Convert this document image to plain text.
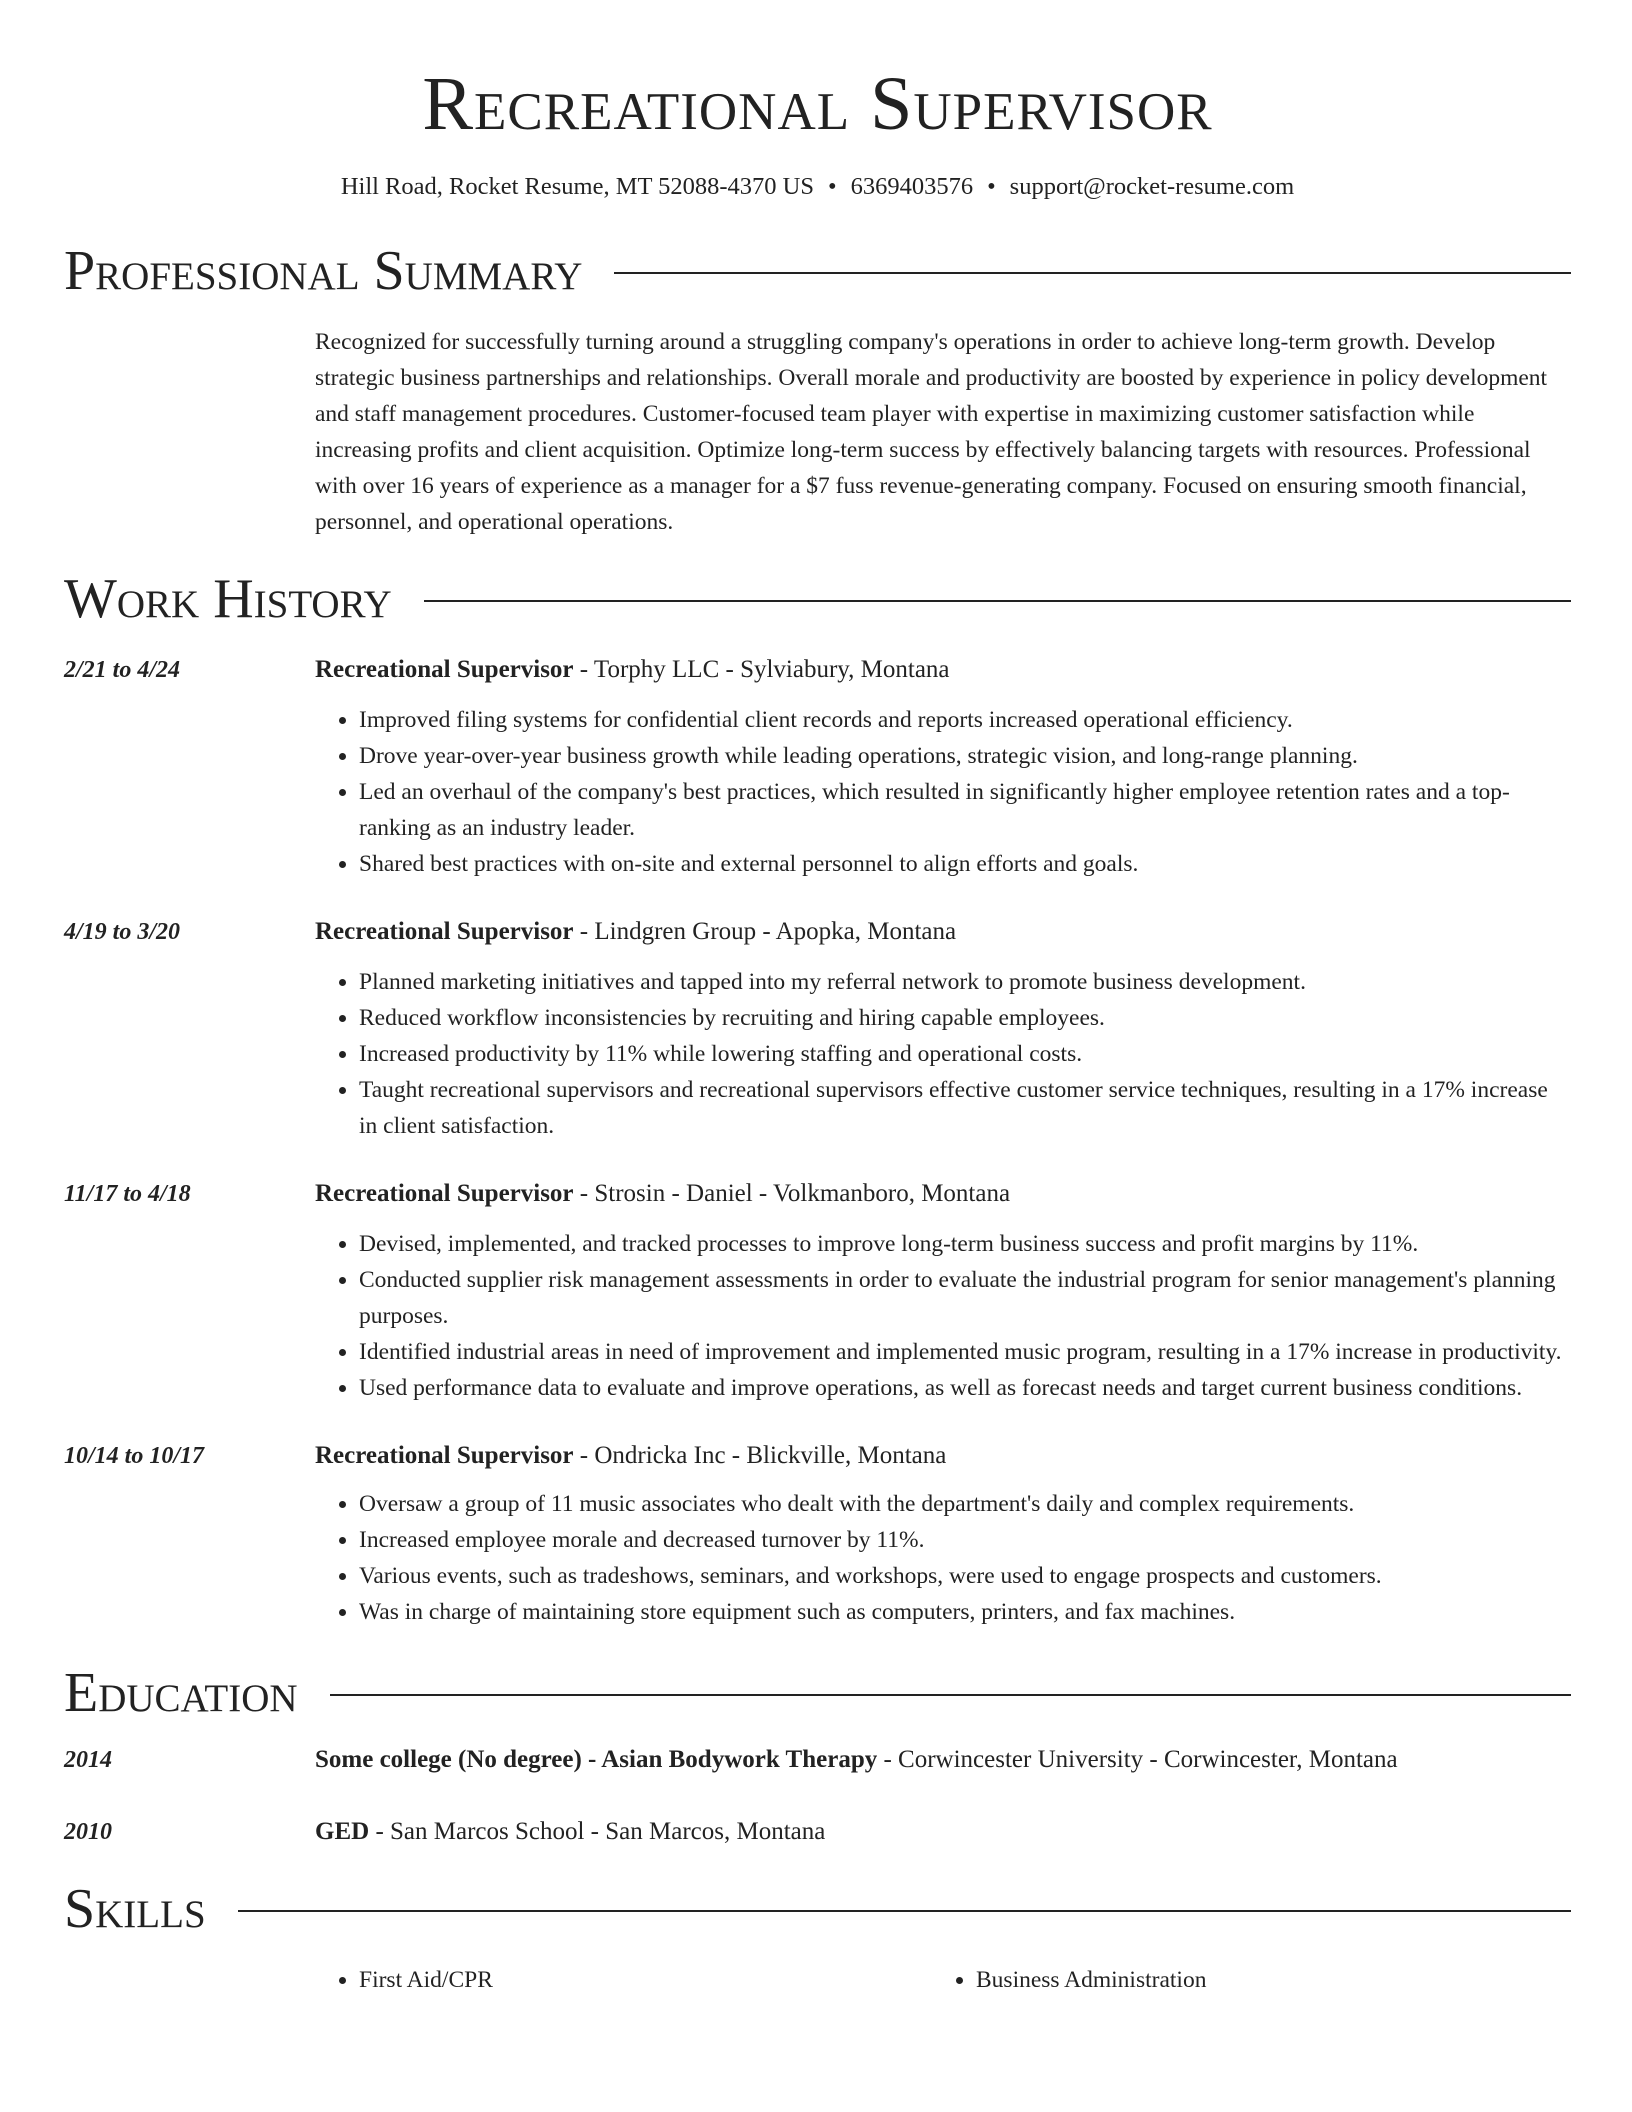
Recreational Supervisor
Hill Road, Rocket Resume, MT 52088-4370 US • 6369403576 • support@rocket-resume.com
Professional Summary
Recognized for successfully turning around a struggling company's operations in order to achieve long-term growth. Develop strategic business partnerships and relationships. Overall morale and productivity are boosted by experience in policy development and staff management procedures. Customer-focused team player with expertise in maximizing customer satisfaction while increasing profits and client acquisition. Optimize long-term success by effectively balancing targets with resources. Professional with over 16 years of experience as a manager for a $7 fuss revenue-generating company. Focused on ensuring smooth financial, personnel, and operational operations.
Work History
2/21 to 4/24	Recreational Supervisor - Torphy LLC - Sylviabury, Montana
• Improved filing systems for confidential client records and reports increased operational efficiency.
• Drove year-over-year business growth while leading operations, strategic vision, and long-range planning.
• Led an overhaul of the company's best practices, which resulted in significantly higher employee retention rates and a top-ranking as an industry leader.
• Shared best practices with on-site and external personnel to align efforts and goals.
4/19 to 3/20	Recreational Supervisor - Lindgren Group - Apopka, Montana
• Planned marketing initiatives and tapped into my referral network to promote business development.
• Reduced workflow inconsistencies by recruiting and hiring capable employees.
• Increased productivity by 11% while lowering staffing and operational costs.
• Taught recreational supervisors and recreational supervisors effective customer service techniques, resulting in a 17% increase in client satisfaction.
11/17 to 4/18	Recreational Supervisor - Strosin - Daniel - Volkmanboro, Montana
• Devised, implemented, and tracked processes to improve long-term business success and profit margins by 11%.
• Conducted supplier risk management assessments in order to evaluate the industrial program for senior management's planning purposes.
• Identified industrial areas in need of improvement and implemented music program, resulting in a 17% increase in productivity.
• Used performance data to evaluate and improve operations, as well as forecast needs and target current business conditions.
10/14 to 10/17	Recreational Supervisor - Ondricka Inc - Blickville, Montana
• Oversaw a group of 11 music associates who dealt with the department's daily and complex requirements.
• Increased employee morale and decreased turnover by 11%.
• Various events, such as tradeshows, seminars, and workshops, were used to engage prospects and customers.
• Was in charge of maintaining store equipment such as computers, printers, and fax machines.
Education
2014	Some college (No degree) - Asian Bodywork Therapy - Corwincester University - Corwincester, Montana
2010	GED - San Marcos School - San Marcos, Montana
Skills
• First Aid/CPR
•	Business Administration
